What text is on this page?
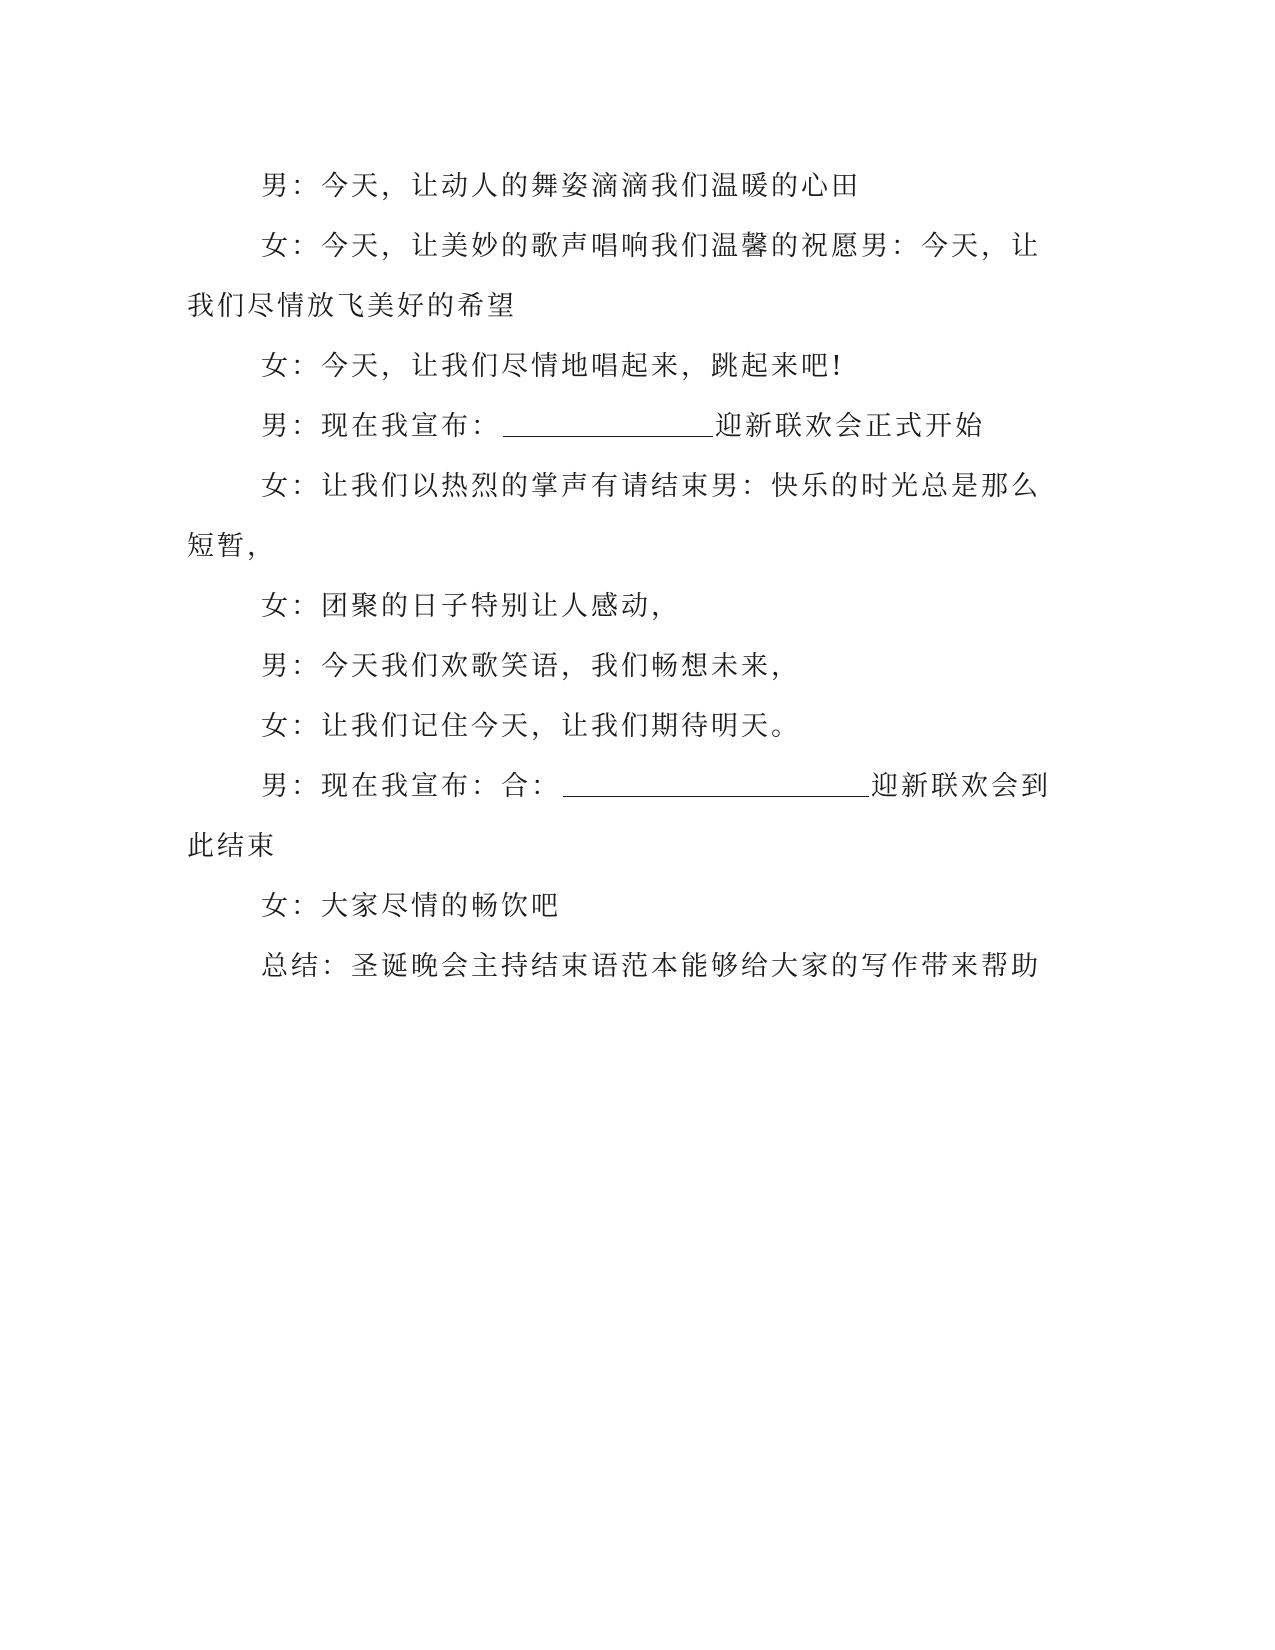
男：今天，让动人的舞姿滴滴我们温暖的心田

女：今天，让美妙的歌声唱响我们温馨的祝愿男：今天，让我们尽情放飞美好的希望

女：今天，让我们尽情地唱起来，跳起来吧!

男：现在我宣布：	迎新联欢会正式开始

女：让我们以热烈的掌声有请结束男：快乐的时光总是那么短暂，

女：团聚的日子特别让人感动，

男：今天我们欢歌笑语，我们畅想未来，

女：让我们记住今天，让我们期待明天。

男：现在我宣布：合：	迎新联欢会到此结束

女：大家尽情的畅饮吧

总结：圣诞晚会主持结束语范本能够给大家的写作带来帮助
